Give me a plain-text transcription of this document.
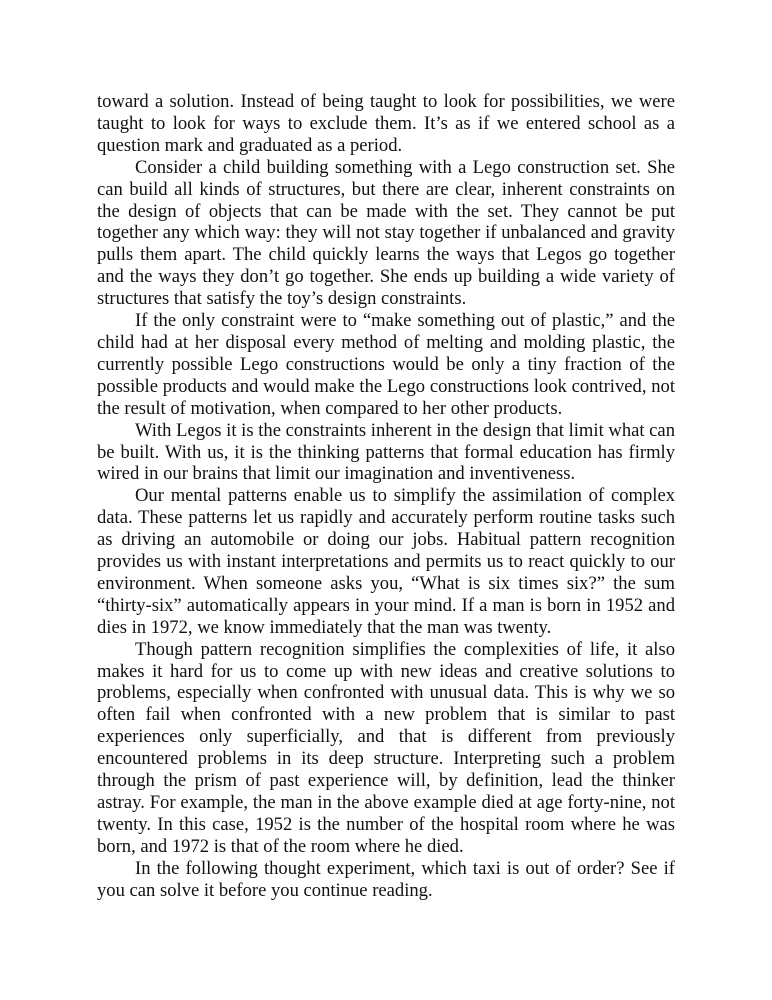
toward a solution. Instead of being taught to look for possibilities, we were taught to look for ways to exclude them. It’s as if we entered school as a question mark and graduated as a period.

Consider a child building something with a Lego construction set. She can build all kinds of structures, but there are clear, inherent constraints on the design of objects that can be made with the set. They cannot be put together any which way: they will not stay together if unbalanced and gravity pulls them apart. The child quickly learns the ways that Legos go together and the ways they don’t go together. She ends up building a wide variety of structures that satisfy the toy’s design constraints.

If the only constraint were to “make something out of plastic,” and the child had at her disposal every method of melting and molding plastic, the currently possible Lego constructions would be only a tiny fraction of the possible products and would make the Lego constructions look contrived, not the result of motivation, when compared to her other products.

With Legos it is the constraints inherent in the design that limit what can be built. With us, it is the thinking patterns that formal education has firmly wired in our brains that limit our imagination and inventiveness.

Our mental patterns enable us to simplify the assimilation of complex data. These patterns let us rapidly and accurately perform routine tasks such as driving an automobile or doing our jobs. Habitual pattern recognition provides us with instant interpretations and permits us to react quickly to our environment. When someone asks you, “What is six times six?” the sum “thirty-six” automatically appears in your mind. If a man is born in 1952 and dies in 1972, we know immediately that the man was twenty.

Though pattern recognition simplifies the complexities of life, it also makes it hard for us to come up with new ideas and creative solutions to problems, especially when confronted with unusual data. This is why we so often fail when confronted with a new problem that is similar to past experiences only superficially, and that is different from previously encountered problems in its deep structure. Interpreting such a problem through the prism of past experience will, by definition, lead the thinker astray. For example, the man in the above example died at age forty-nine, not twenty. In this case, 1952 is the number of the hospital room where he was born, and 1972 is that of the room where he died.

In the following thought experiment, which taxi is out of order? See if you can solve it before you continue reading.
